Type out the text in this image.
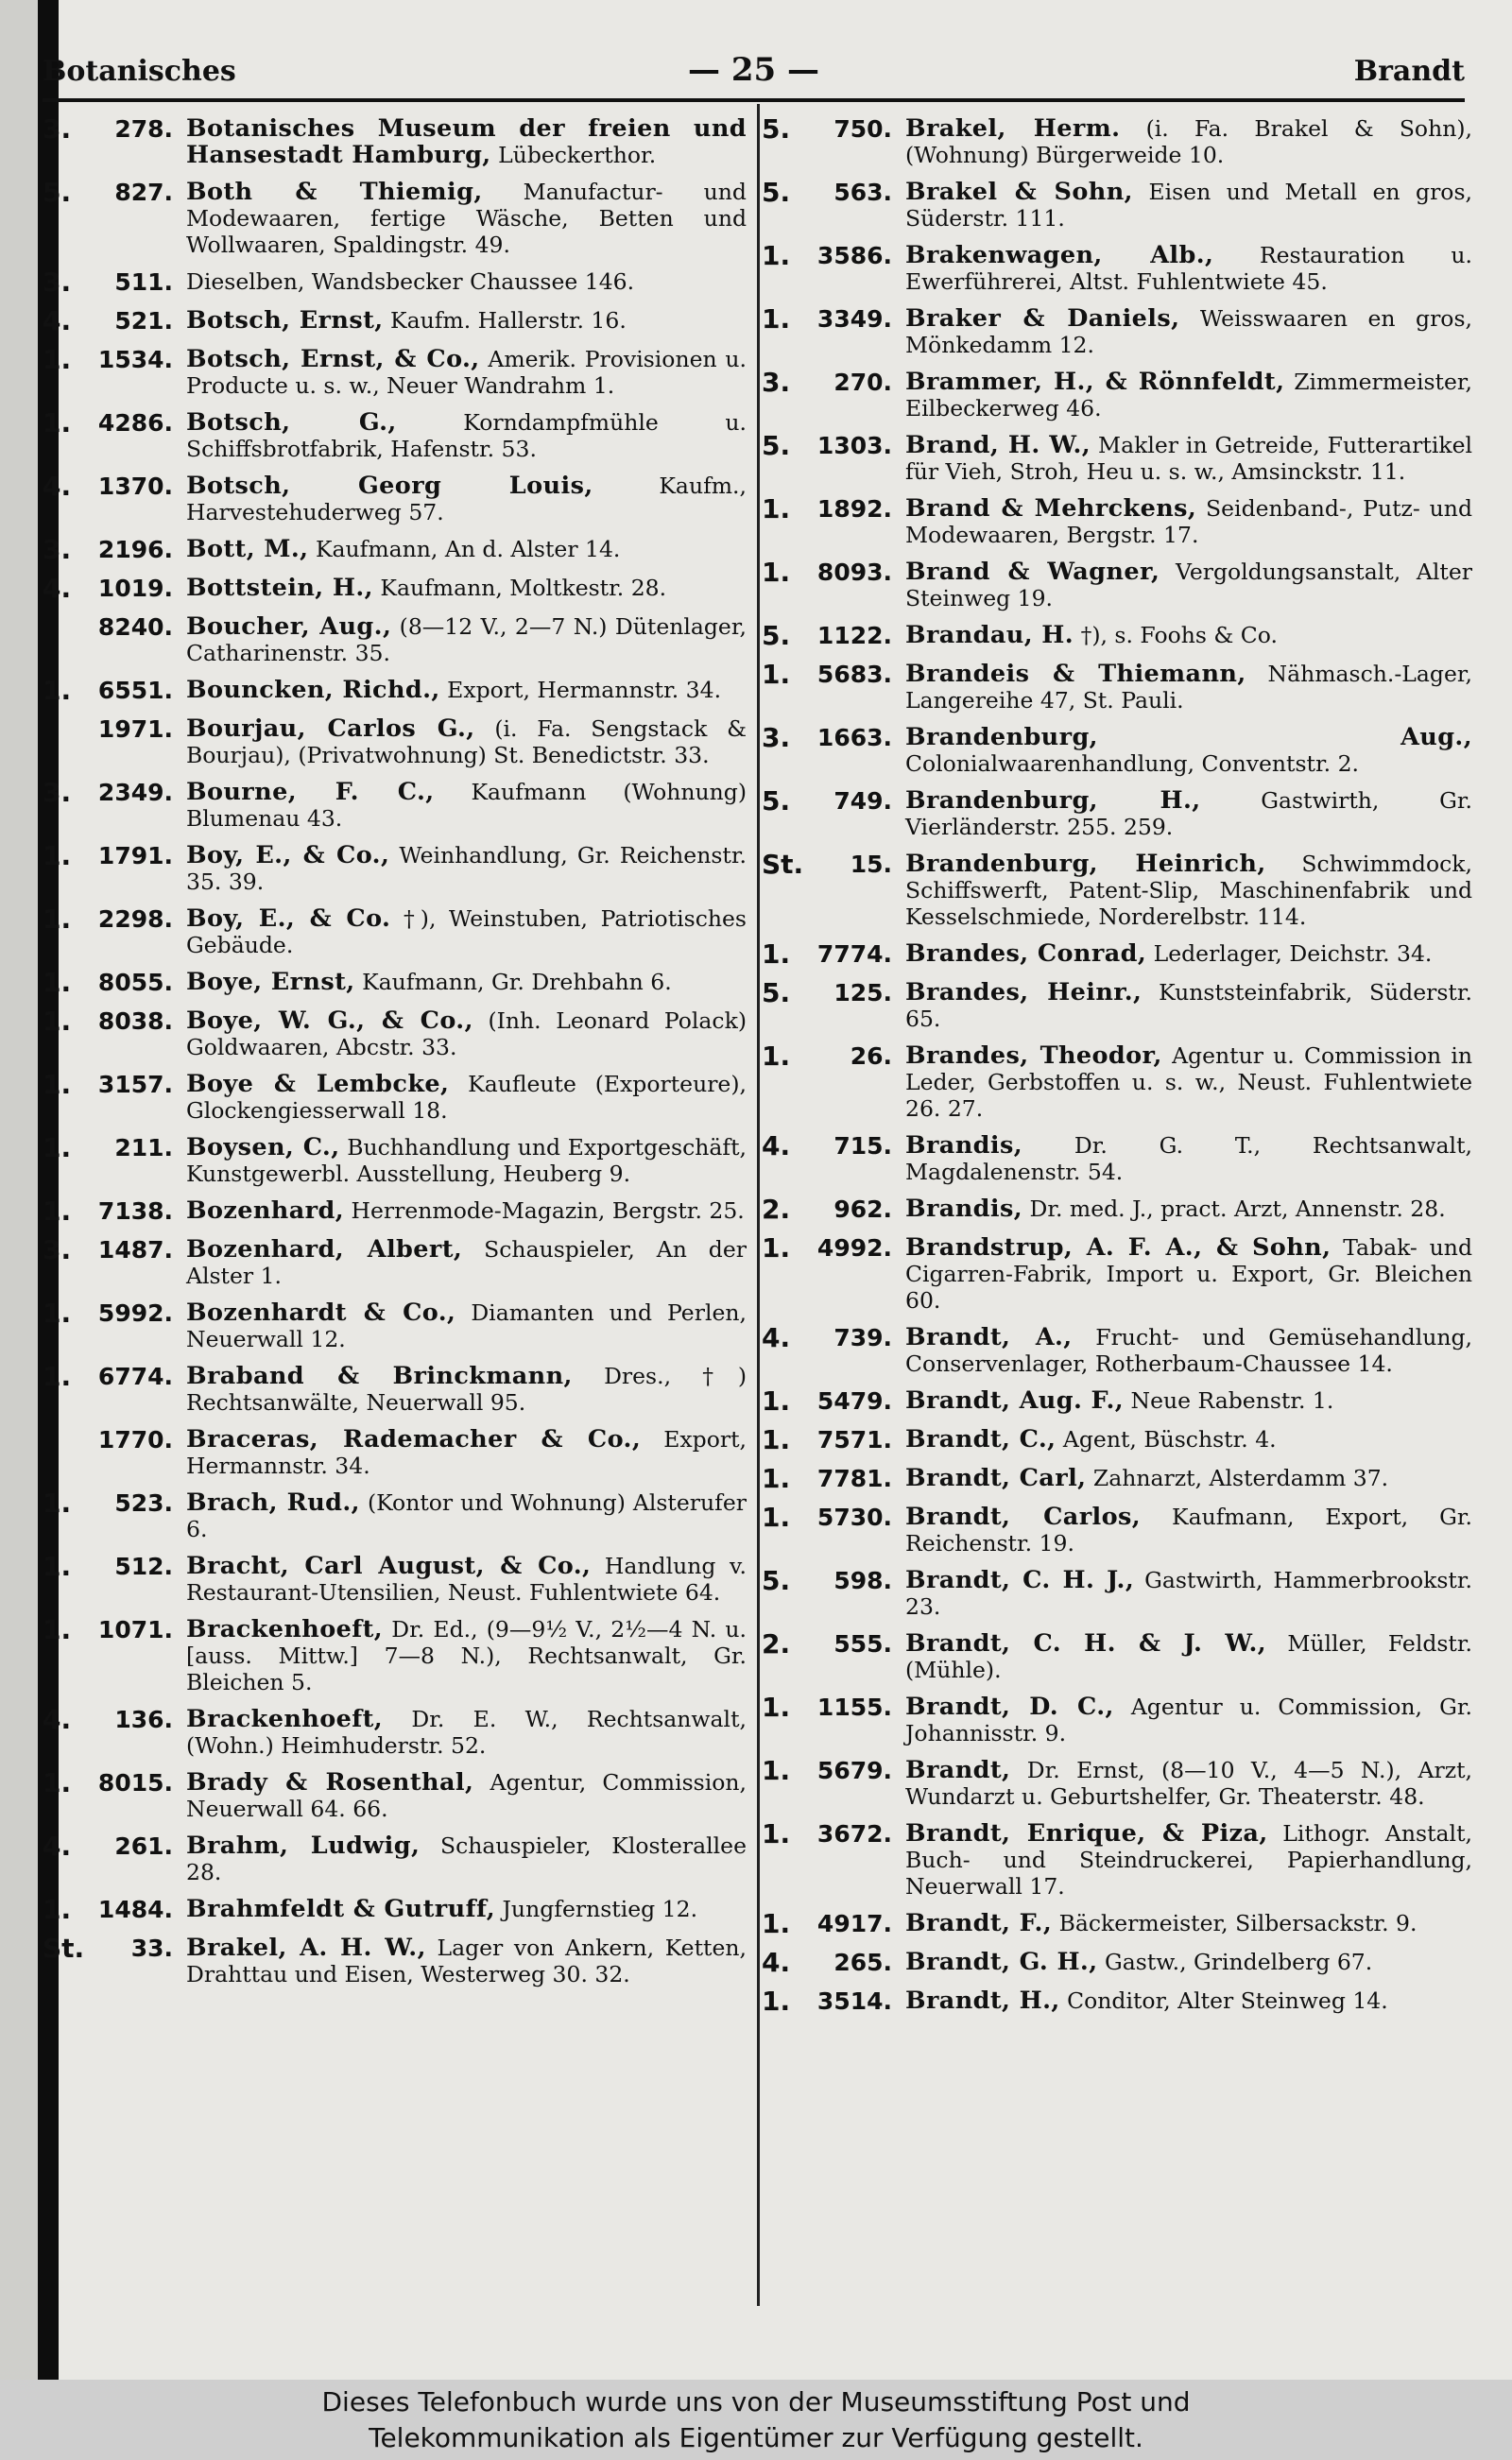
Botanisches	— 25 —	Brandt
3.	278. Botanisches Museum der freien und Hansestadt Hamburg, Lübeckerthor.
5.	827. Both & Thiemig, Manufactur- und Modewaaren, fertige Wäsche, Betten und Wollwaaren, Spaldingstr. 49.
3.	511. Dieselben, Wandsbecker Chaussee 146.
4.	521. Botsch, Ernst, Kaufm. Hallerstr. 16.
1.	1534. Botsch, Ernst, & Co., Amerik. Provisionen u. Producte u. s. w., Neuer Wandrahm 1.
1.	4286. Botsch, G.,	Korndampfmühle u. Schiffsbrotfabrik, Hafenstr. 53.
4.	1370. Botsch, Georg Louis,	Kaufm., Harvestehuderweg 57.
3.	2196. Bott, M., Kaufmann, An d. Alster 14.
4.	1019. Bottstein, H., Kaufmann, Moltkestr. 28.
8240. Boucher, Aug., (8—12 V., 2—7 N.) Dütenlager, Catharinenstr. 35.
1.	6551. Bouncken, Richd., Export, Hermannstr. 34.
1971. Bourjau, Carlos G., (i. Fa. Sengstack & Bourjau), (Privatwohnung) St. Benedictstr. 33.
3.	2349. Bourne, F. C., Kaufmann (Wohnung) Blumenau 43.
1.	1791. Boy, E., & Co., Weinhandlung, Gr. Reichenstr. 35. 39.
1.	2298. Boy, E., & Co. †), Weinstuben, Patriotisches Gebäude.
1.	8055. Boye, Ernst, Kaufmann, Gr. Drehbahn 6.
1.	8038. Boye, W. G., & Co., (Inh. Leonard Polack) Goldwaaren, Abcstr. 33.
1.	3157. Boye & Lembcke, Kaufleute (Exporteure), Glockengiesserwall 18.
1.	211. Boysen, C., Buchhandlung und Exportgeschäft, Kunstgewerbl. Ausstellung, Heuberg 9.
1.	7138. Bozenhard, Herrenmode-Magazin, Bergstr. 25.
3.	1487. Bozenhard, Albert, Schauspieler, An der Alster 1.
1.	5992. Bozenhardt & Co., Diamanten und Perlen, Neuerwall 12.
1.	6774. Braband & Brinckmann, Dres., †) Rechtsanwälte, Neuerwall 95.
1770. Braceras, Rademacher & Co., Export, Hermannstr. 34.
1.	523. Brach, Rud., (Kontor und Wohnung) Alsterufer 6.
1.	512. Bracht, Carl August, & Co., Handlung v. Restaurant-Utensilien, Neust. Fuhlentwiete 64.
1.	1071. Brackenhoeft, Dr. Ed., (9—9½ V., 2½—4 N. u. [auss. Mittw.] 7—8 N.), Rechtsanwalt, Gr. Bleichen 5.
4.	136. Brackenhoeft, Dr. E. W., Rechtsanwalt, (Wohn.) Heimhuderstr. 52.
1.	8015. Brady & Rosenthal, Agentur, Commission, Neuerwall 64. 66.
4.	261. Brahm, Ludwig, Schauspieler, Klosterallee 28.
1.	1484. Brahmfeldt & Gutruff, Jungfernstieg 12.
St.	33. Brakel, A. H. W., Lager von Ankern, Ketten, Drahttau und Eisen, Westerweg 30. 32.
5.	750. Brakel, Herm. (i. Fa. Brakel & Sohn), (Wohnung) Bürgerweide 10.
5.	563. Brakel & Sohn, Eisen und Metall en gros, Süderstr. 111.
1.	3586. Brakenwagen, Alb., Restauration u. Ewerführerei, Altst. Fuhlentwiete 45.
1.	3349. Braker & Daniels, Weisswaaren en gros, Mönkedamm 12.
3.	270. Brammer, H., & Rönnfeldt, Zimmermeister, Eilbeckerweg 46.
5.	1303. Brand, H. W., Makler in Getreide, Futterartikel für Vieh, Stroh, Heu u. s. w., Amsinckstr. 11.
1.	1892. Brand & Mehrckens, Seidenband-, Putz- und Modewaaren, Bergstr. 17.
1.	8093. Brand & Wagner, Vergoldungsanstalt, Alter Steinweg 19.
5.	1122. Brandau, H. †), s. Foohs & Co.
1.	5683. Brandeis & Thiemann, Nähmasch.-Lager, Langereihe 47, St. Pauli.
3.	1663. Brandenburg, Aug., Colonialwaarenhandlung, Conventstr. 2.
5.	749. Brandenburg, H.,	Gastwirth, Gr. Vierländerstr. 255. 259.
St.	15. Brandenburg, Heinrich, Schwimmdock, Schiffswerft, Patent-Slip, Maschinenfabrik und Kesselschmiede, Norderelbstr. 114.
1.	7774. Brandes, Conrad, Lederlager, Deichstr. 34.
5.	125. Brandes, Heinr., Kunststeinfabrik, Süderstr. 65.
1.	26. Brandes, Theodor, Agentur u. Commission in Leder, Gerbstoffen u. s. w., Neust. Fuhlentwiete 26. 27.
4.	715. Brandis, Dr. G. T., Rechtsanwalt, Magdalenenstr. 54.
2.	962. Brandis, Dr. med. J., pract. Arzt, Annenstr. 28.
1.	4992. Brandstrup, A. F. A., & Sohn, Tabak- und Cigarren-Fabrik, Import u. Export, Gr. Bleichen 60.
4.	739. Brandt, A., Frucht- und Gemüsehandlung, Conservenlager, Rotherbaum-Chaussee 14.
1.	5479. Brandt, Aug. F., Neue Rabenstr. 1.
1.	7571. Brandt, C., Agent, Büschstr. 4.
1.	7781. Brandt, Carl, Zahnarzt, Alsterdamm 37.
1.	5730. Brandt, Carlos, Kaufmann, Export, Gr. Reichenstr. 19.
5.	598. Brandt, C. H. J., Gastwirth, Hammerbrookstr. 23.
2.	555. Brandt, C. H. & J. W., Müller, Feldstr. (Mühle).
1.	1155. Brandt, D. C., Agentur u. Commission, Gr. Johannisstr. 9.
1.	5679. Brandt, Dr. Ernst, (8—10 V., 4—5 N.), Arzt, Wundarzt u. Geburtshelfer, Gr. Theaterstr. 48.
1.	3672. Brandt, Enrique, & Piza, Lithogr. Anstalt, Buch- und Steindruckerei, Papierhandlung, Neuerwall 17.
1.	4917. Brandt, F., Bäckermeister, Silbersackstr. 9.
4.	265. Brandt, G. H., Gastw., Grindelberg 67.
1.	3514. Brandt, H., Conditor, Alter Steinweg 14.
Dieses Telefonbuch wurde uns von der Museumsstiftung Post und
Telekommunikation als Eigentümer zur Verfügung gestellt.
